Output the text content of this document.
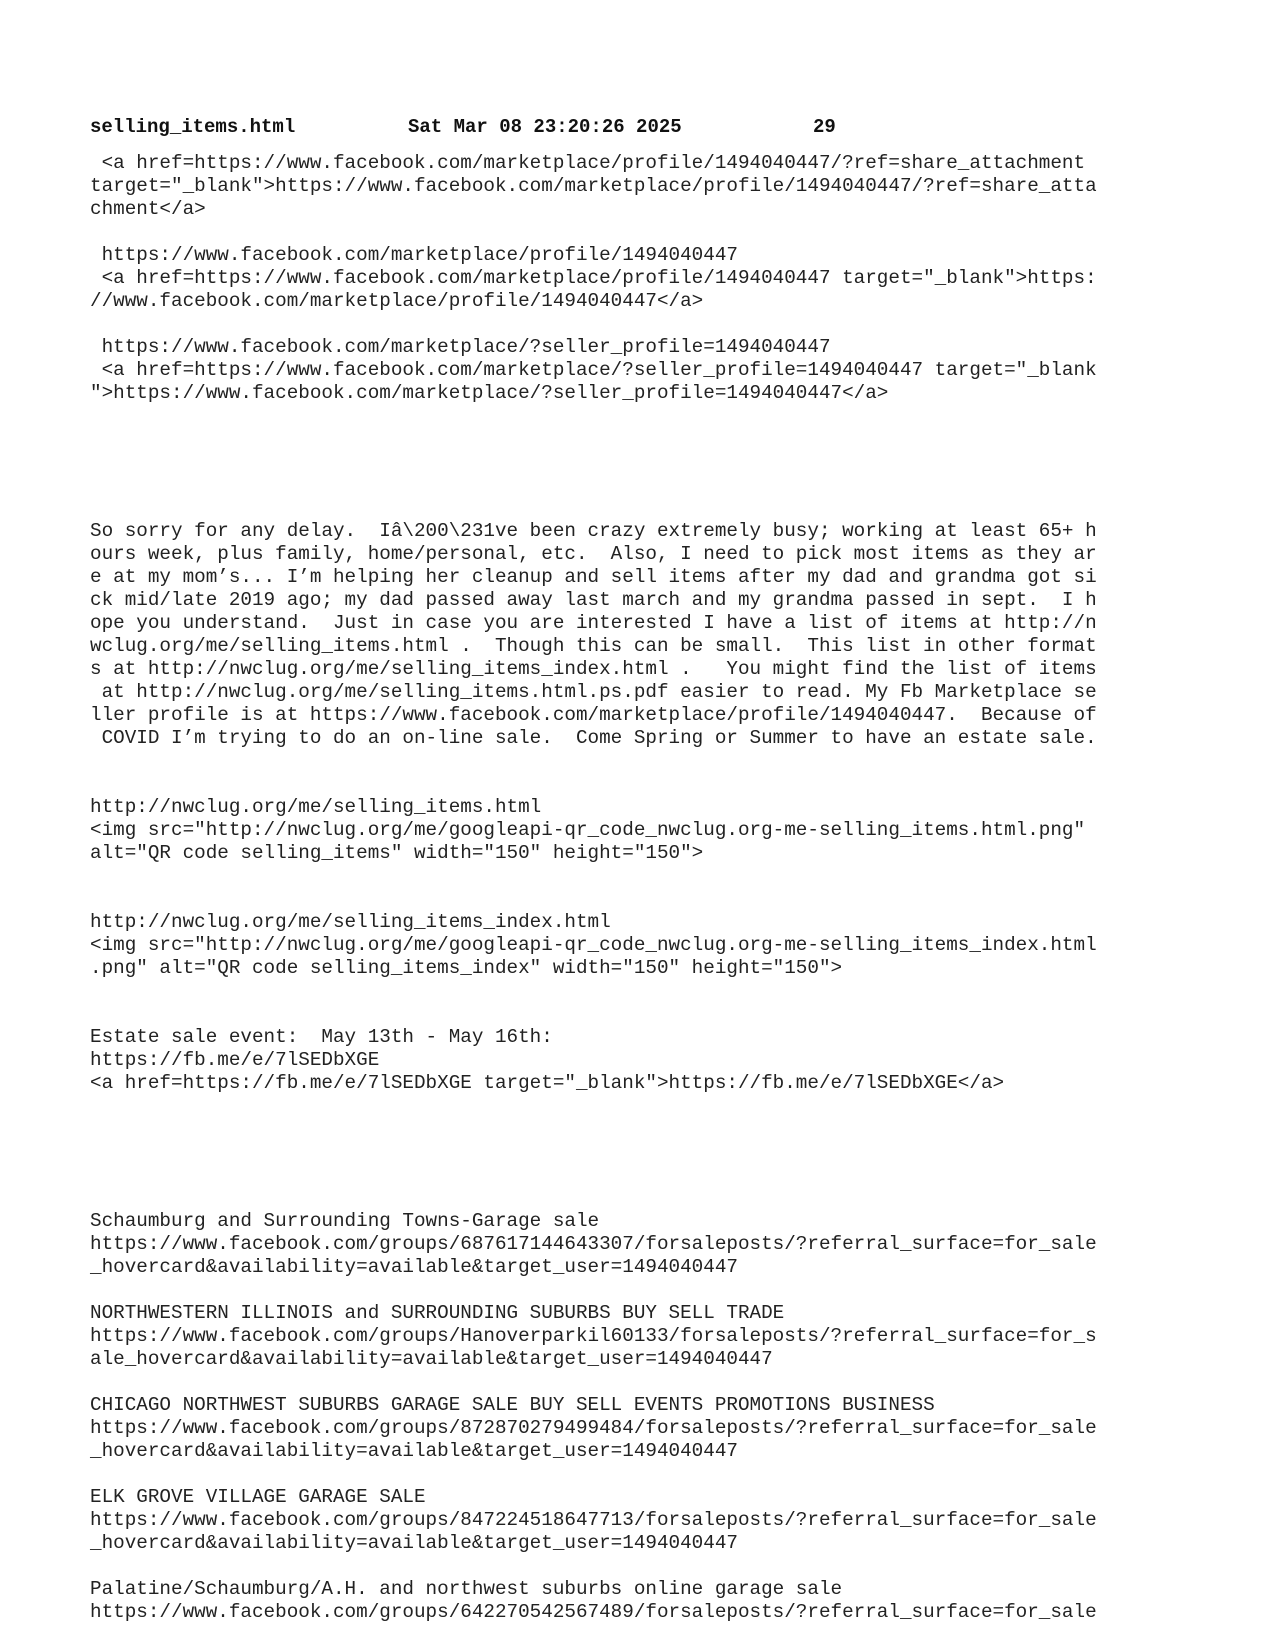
selling_items.html	Sat Mar 08 23:20:26 2025	29
<a href=https://www.facebook.com/marketplace/profile/1494040447/?ref=share_attachment
target="_blank">https://www.facebook.com/marketplace/profile/1494040447/?ref=share_atta
chment</a>
https://www.facebook.com/marketplace/profile/1494040447
<a href=https://www.facebook.com/marketplace/profile/1494040447 target="_blank">https:
//www.facebook.com/marketplace/profile/1494040447</a>
https://www.facebook.com/marketplace/?seller_profile=1494040447
<a href=https://www.facebook.com/marketplace/?seller_profile=1494040447 target="_blank
">https://www.facebook.com/marketplace/?seller_profile=1494040447</a>
So sorry for any delay.  Iâ\200\231ve been crazy extremely busy; working at least 65+ h
ours week, plus family, home/personal, etc.  Also, I need to pick most items as they ar
e at my mom’s... I’m helping her cleanup and sell items after my dad and grandma got si
ck mid/late 2019 ago; my dad passed away last march and my grandma passed in sept.  I h
ope you understand.  Just in case you are interested I have a list of items at http://n
wclug.org/me/selling_items.html .  Though this can be small.  This list in other format
s at http://nwclug.org/me/selling_items_index.html .   You might find the list of items
at http://nwclug.org/me/selling_items.html.ps.pdf easier to read. My Fb Marketplace se
ller profile is at https://www.facebook.com/marketplace/profile/1494040447.  Because of
COVID I’m trying to do an on-line sale.  Come Spring or Summer to have an estate sale.
http://nwclug.org/me/selling_items.html
<img src="http://nwclug.org/me/googleapi-qr_code_nwclug.org-me-selling_items.html.png"
alt="QR code selling_items" width="150" height="150">
http://nwclug.org/me/selling_items_index.html
<img src="http://nwclug.org/me/googleapi-qr_code_nwclug.org-me-selling_items_index.html
.png" alt="QR code selling_items_index" width="150" height="150">
Estate sale event:  May 13th - May 16th:
https://fb.me/e/7lSEDbXGE
<a href=https://fb.me/e/7lSEDbXGE target="_blank">https://fb.me/e/7lSEDbXGE</a>
Schaumburg and Surrounding Towns-Garage sale
https://www.facebook.com/groups/687617144643307/forsaleposts/?referral_surface=for_sale
_hovercard&availability=available&target_user=1494040447
NORTHWESTERN ILLINOIS and SURROUNDING SUBURBS BUY SELL TRADE
https://www.facebook.com/groups/Hanoverparkil60133/forsaleposts/?referral_surface=for_s
ale_hovercard&availability=available&target_user=1494040447
CHICAGO NORTHWEST SUBURBS GARAGE SALE BUY SELL EVENTS PROMOTIONS BUSINESS
https://www.facebook.com/groups/872870279499484/forsaleposts/?referral_surface=for_sale
_hovercard&availability=available&target_user=1494040447
ELK GROVE VILLAGE GARAGE SALE
https://www.facebook.com/groups/847224518647713/forsaleposts/?referral_surface=for_sale
_hovercard&availability=available&target_user=1494040447
Palatine/Schaumburg/A.H. and northwest suburbs online garage sale
https://www.facebook.com/groups/642270542567489/forsaleposts/?referral_surface=for_sale
